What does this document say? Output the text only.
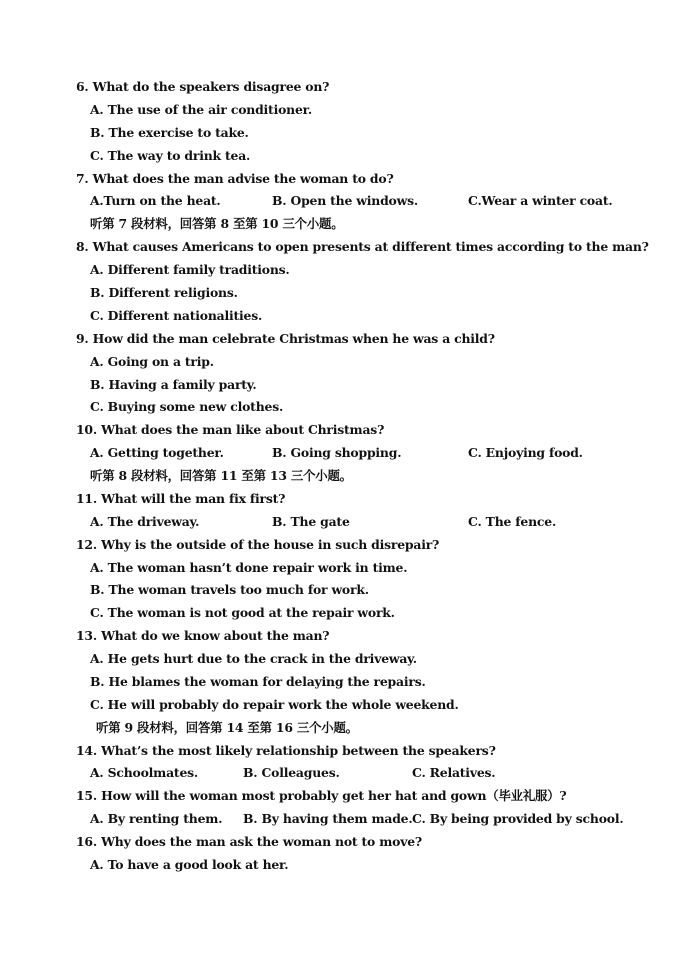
6. What do the speakers disagree on?
A. The use of the air conditioner.
B. The exercise to take.
C. The way to drink tea.
7. What does the man advise the woman to do?
A.Turn on the heat.	B. Open the windows.	C.Wear a winter coat.
听第 7 段材料，回答第 8 至第 10 三个小题。
8. What causes Americans to open presents at different times according to the man?
A. Different family traditions.
B. Different religions.
C. Different nationalities.
9. How did the man celebrate Christmas when he was a child?
A. Going on a trip.
B. Having a family party.
C. Buying some new clothes.
10. What does the man like about Christmas?
A. Getting together.	B. Going shopping.	C. Enjoying food.
听第 8 段材料，回答第 11 至第 13 三个小题。
11. What will the man fix first?
A. The driveway.	B. The gate	C. The fence.
12. Why is the outside of the house in such disrepair?
A. The woman hasn’t done repair work in time.
B. The woman travels too much for work.
C. The woman is not good at the repair work.
13. What do we know about the man?
A. He gets hurt due to the crack in the driveway.
B. He blames the woman for delaying the repairs.
C. He will probably do repair work the whole weekend.
听第 9 段材料，回答第 14 至第 16 三个小题。
14. What’s the most likely relationship between the speakers?
A. Schoolmates.	B. Colleagues.	C. Relatives.
15. How will the woman most probably get her hat and gown（毕业礼服）?
A. By renting them. B. By having them made. C. By being provided by school.
16. Why does the man ask the woman not to move?
A. To have a good look at her.
